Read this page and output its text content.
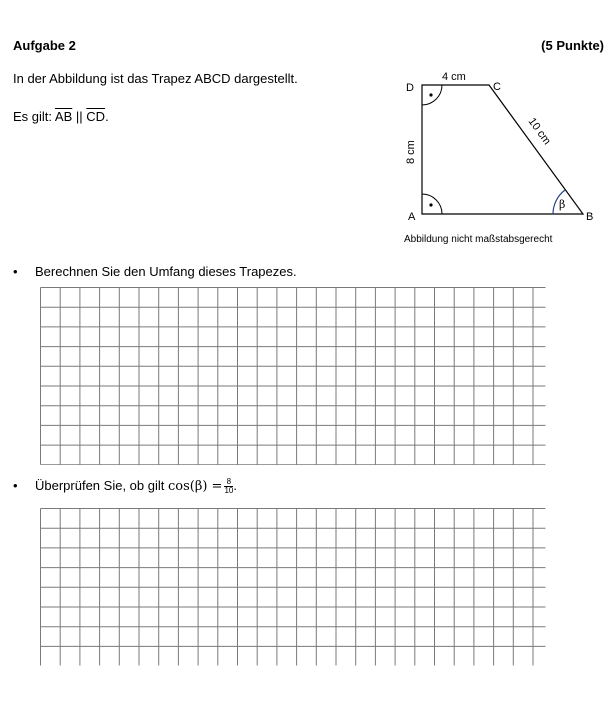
Aufgabe 2	(5 Punkte)
In der Abbildung ist das Trapez ABCD dargestellt.
Es gilt: $\overline{AB}$ || $\overline{CD}$.
β
A	B
C
D
4 cm
8 cm
10 cm
Abbildung nicht maßstabsgerecht
• Berechnen Sie den Umfang dieses Trapezes.
• Überprüfen Sie, ob gilt $\cos(\beta) = \frac{8}{10}$ .
